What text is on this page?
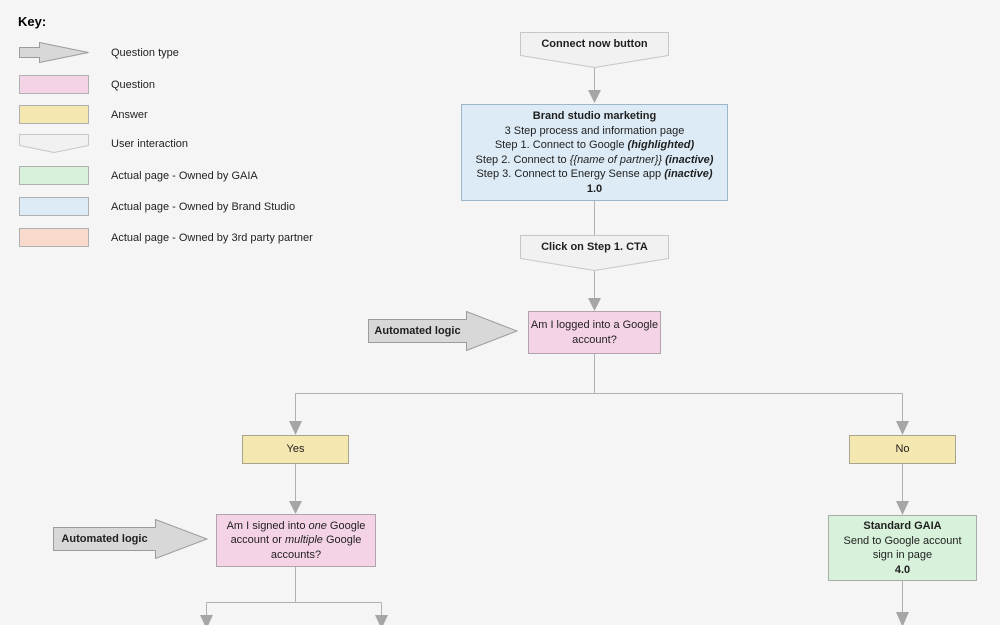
Key:
Question type
Question
Answer
User interaction
Actual page - Owned by GAIA
Actual page - Owned by Brand Studio
Actual page - Owned by 3rd party partner
Connect now button
Brand studio marketing
3 Step process and information page
Step 1. Connect to Google (highlighted)
Step 2. Connect to {{name of partner}} (inactive)
Step 3. Connect to Energy Sense app (inactive)
1.0
Click on Step 1. CTA
Automated logic	Am I logged into a Google account?
Yes	No
Automated logic
Am I signed into one Google account or multiple Google accounts?
Standard GAIA
Send to Google account sign in page
4.0
